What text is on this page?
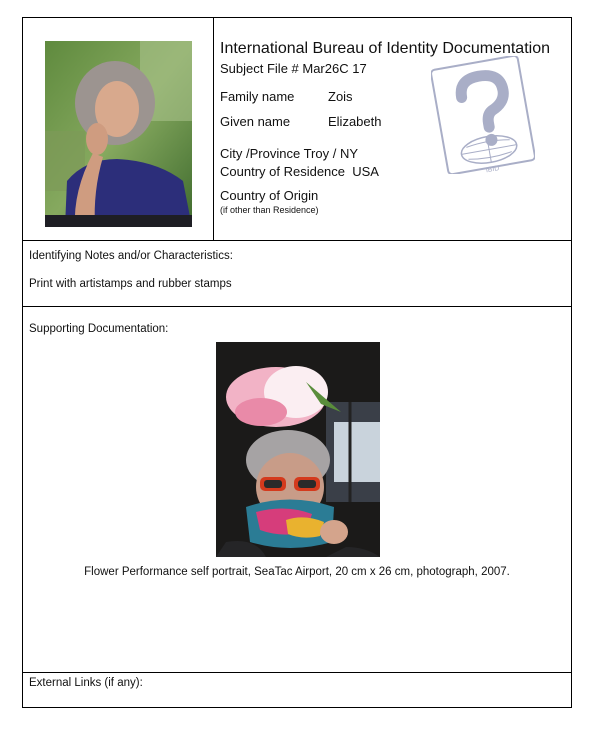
International Bureau of Identity Documentation
Subject File # Mar26C 17
Family name	Zois
Given name	Elizabeth
City /Province Troy / NY
Country of Residence USA
Country of Origin
(if other than Residence)
IBID
Identifying Notes and/or Characteristics:
Print with artistamps and rubber stamps
Supporting Documentation:
Flower Performance self portrait, SeaTac Airport, 20 cm x 26 cm, photograph, 2007.
External Links (if any):
